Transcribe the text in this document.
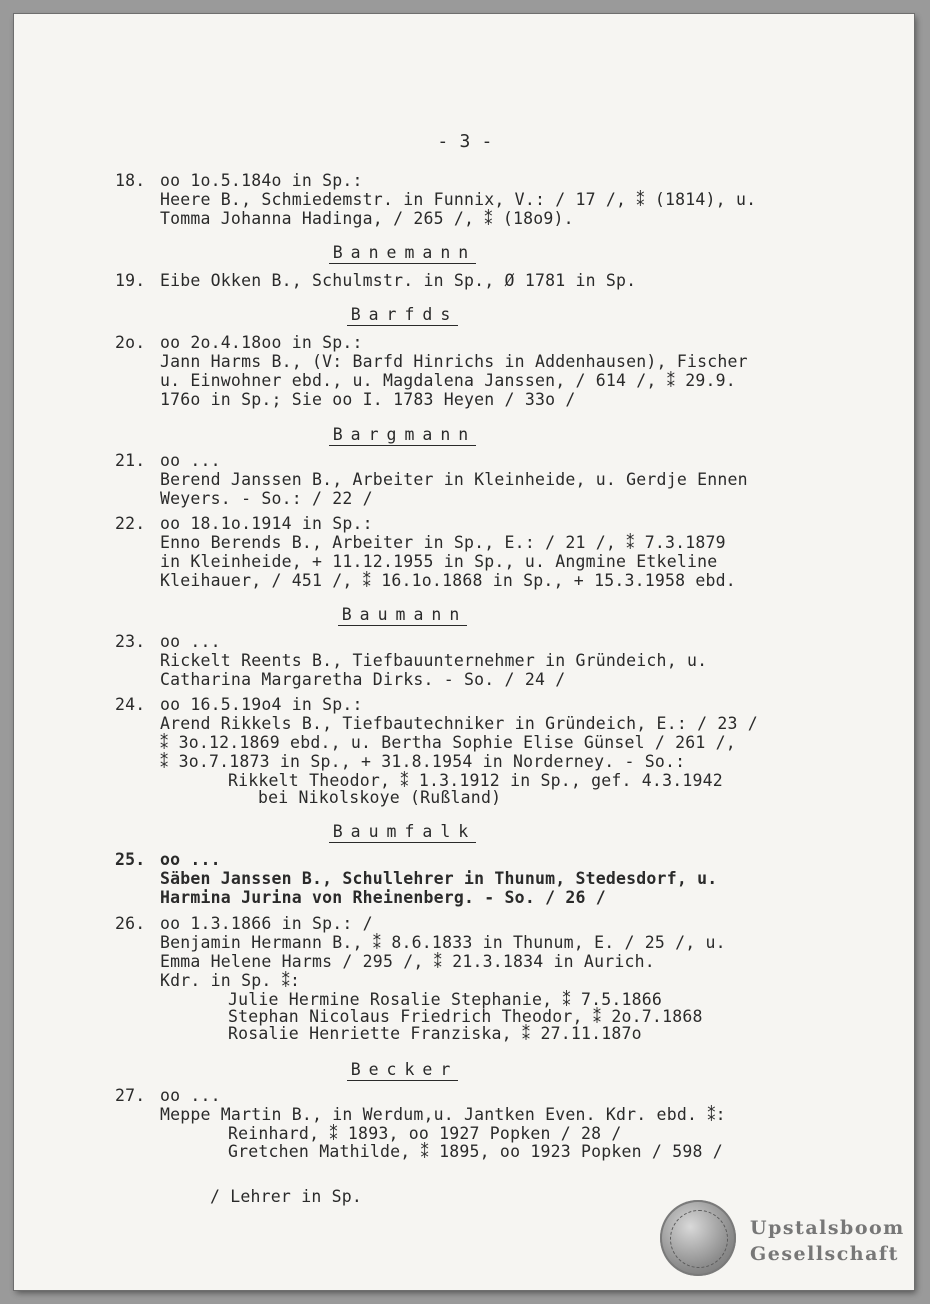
- 3 -
18. oo 1o.5.184o in Sp.:
Heere B., Schmiedemstr. in Funnix, V.: / 17 /, ⁑ (1814), u.
Tomma Johanna Hadinga, / 265 /, ⁑ (18o9).
Banemann
19. Eibe Okken B., Schulmstr. in Sp., Ø 1781 in Sp.
Barfds
2o. oo 2o.4.18oo in Sp.:
Jann Harms B., (V: Barfd Hinrichs in Addenhausen), Fischer
u. Einwohner ebd., u. Magdalena Janssen, / 614 /, ⁑ 29.9.
176o in Sp.; Sie oo I. 1783 Heyen / 33o /
Bargmann
21. oo ...
Berend Janssen B., Arbeiter in Kleinheide, u. Gerdje Ennen
Weyers. - So.: / 22 /
22. oo 18.1o.1914 in Sp.:
Enno Berends B., Arbeiter in Sp., E.: / 21 /, ⁑ 7.3.1879
in Kleinheide, + 11.12.1955 in Sp., u. Angmine Etkeline
Kleihauer, / 451 /, ⁑ 16.1o.1868 in Sp., + 15.3.1958 ebd.
Baumann
23. oo ...
Rickelt Reents B., Tiefbauunternehmer in Gründeich, u.
Catharina Margaretha Dirks. - So. / 24 /
24. oo 16.5.19o4 in Sp.:
Arend Rikkels B., Tiefbautechniker in Gründeich, E.: / 23 /
⁑ 3o.12.1869 ebd., u. Bertha Sophie Elise Günsel / 261 /,
⁑ 3o.7.1873 in Sp., + 31.8.1954 in Norderney. - So.:
Rikkelt Theodor, ⁑ 1.3.1912 in Sp., gef. 4.3.1942
bei Nikolskoye (Rußland)
Baumfalk
25. oo ...
Säben Janssen B., Schullehrer in Thunum, Stedesdorf, u.
Harmina Jurina von Rheinenberg. - So. / 26 /
26. oo 1.3.1866 in Sp.: /
Benjamin Hermann B., ⁑ 8.6.1833 in Thunum, E. / 25 /, u.
Emma Helene Harms / 295 /, ⁑ 21.3.1834 in Aurich.
Kdr. in Sp. ⁑:
Julie Hermine Rosalie Stephanie, ⁑ 7.5.1866
Stephan Nicolaus Friedrich Theodor, ⁑ 2o.7.1868
Rosalie Henriette Franziska, ⁑ 27.11.187o
Becker
27. oo ...
Meppe Martin B., in Werdum,u. Jantken Even. Kdr. ebd. ⁑:
Reinhard, ⁑ 1893, oo 1927 Popken / 28 /
Gretchen Mathilde, ⁑ 1895, oo 1923 Popken / 598 /
/ Lehrer in Sp.
Upstalsboom
Gesellschaft
